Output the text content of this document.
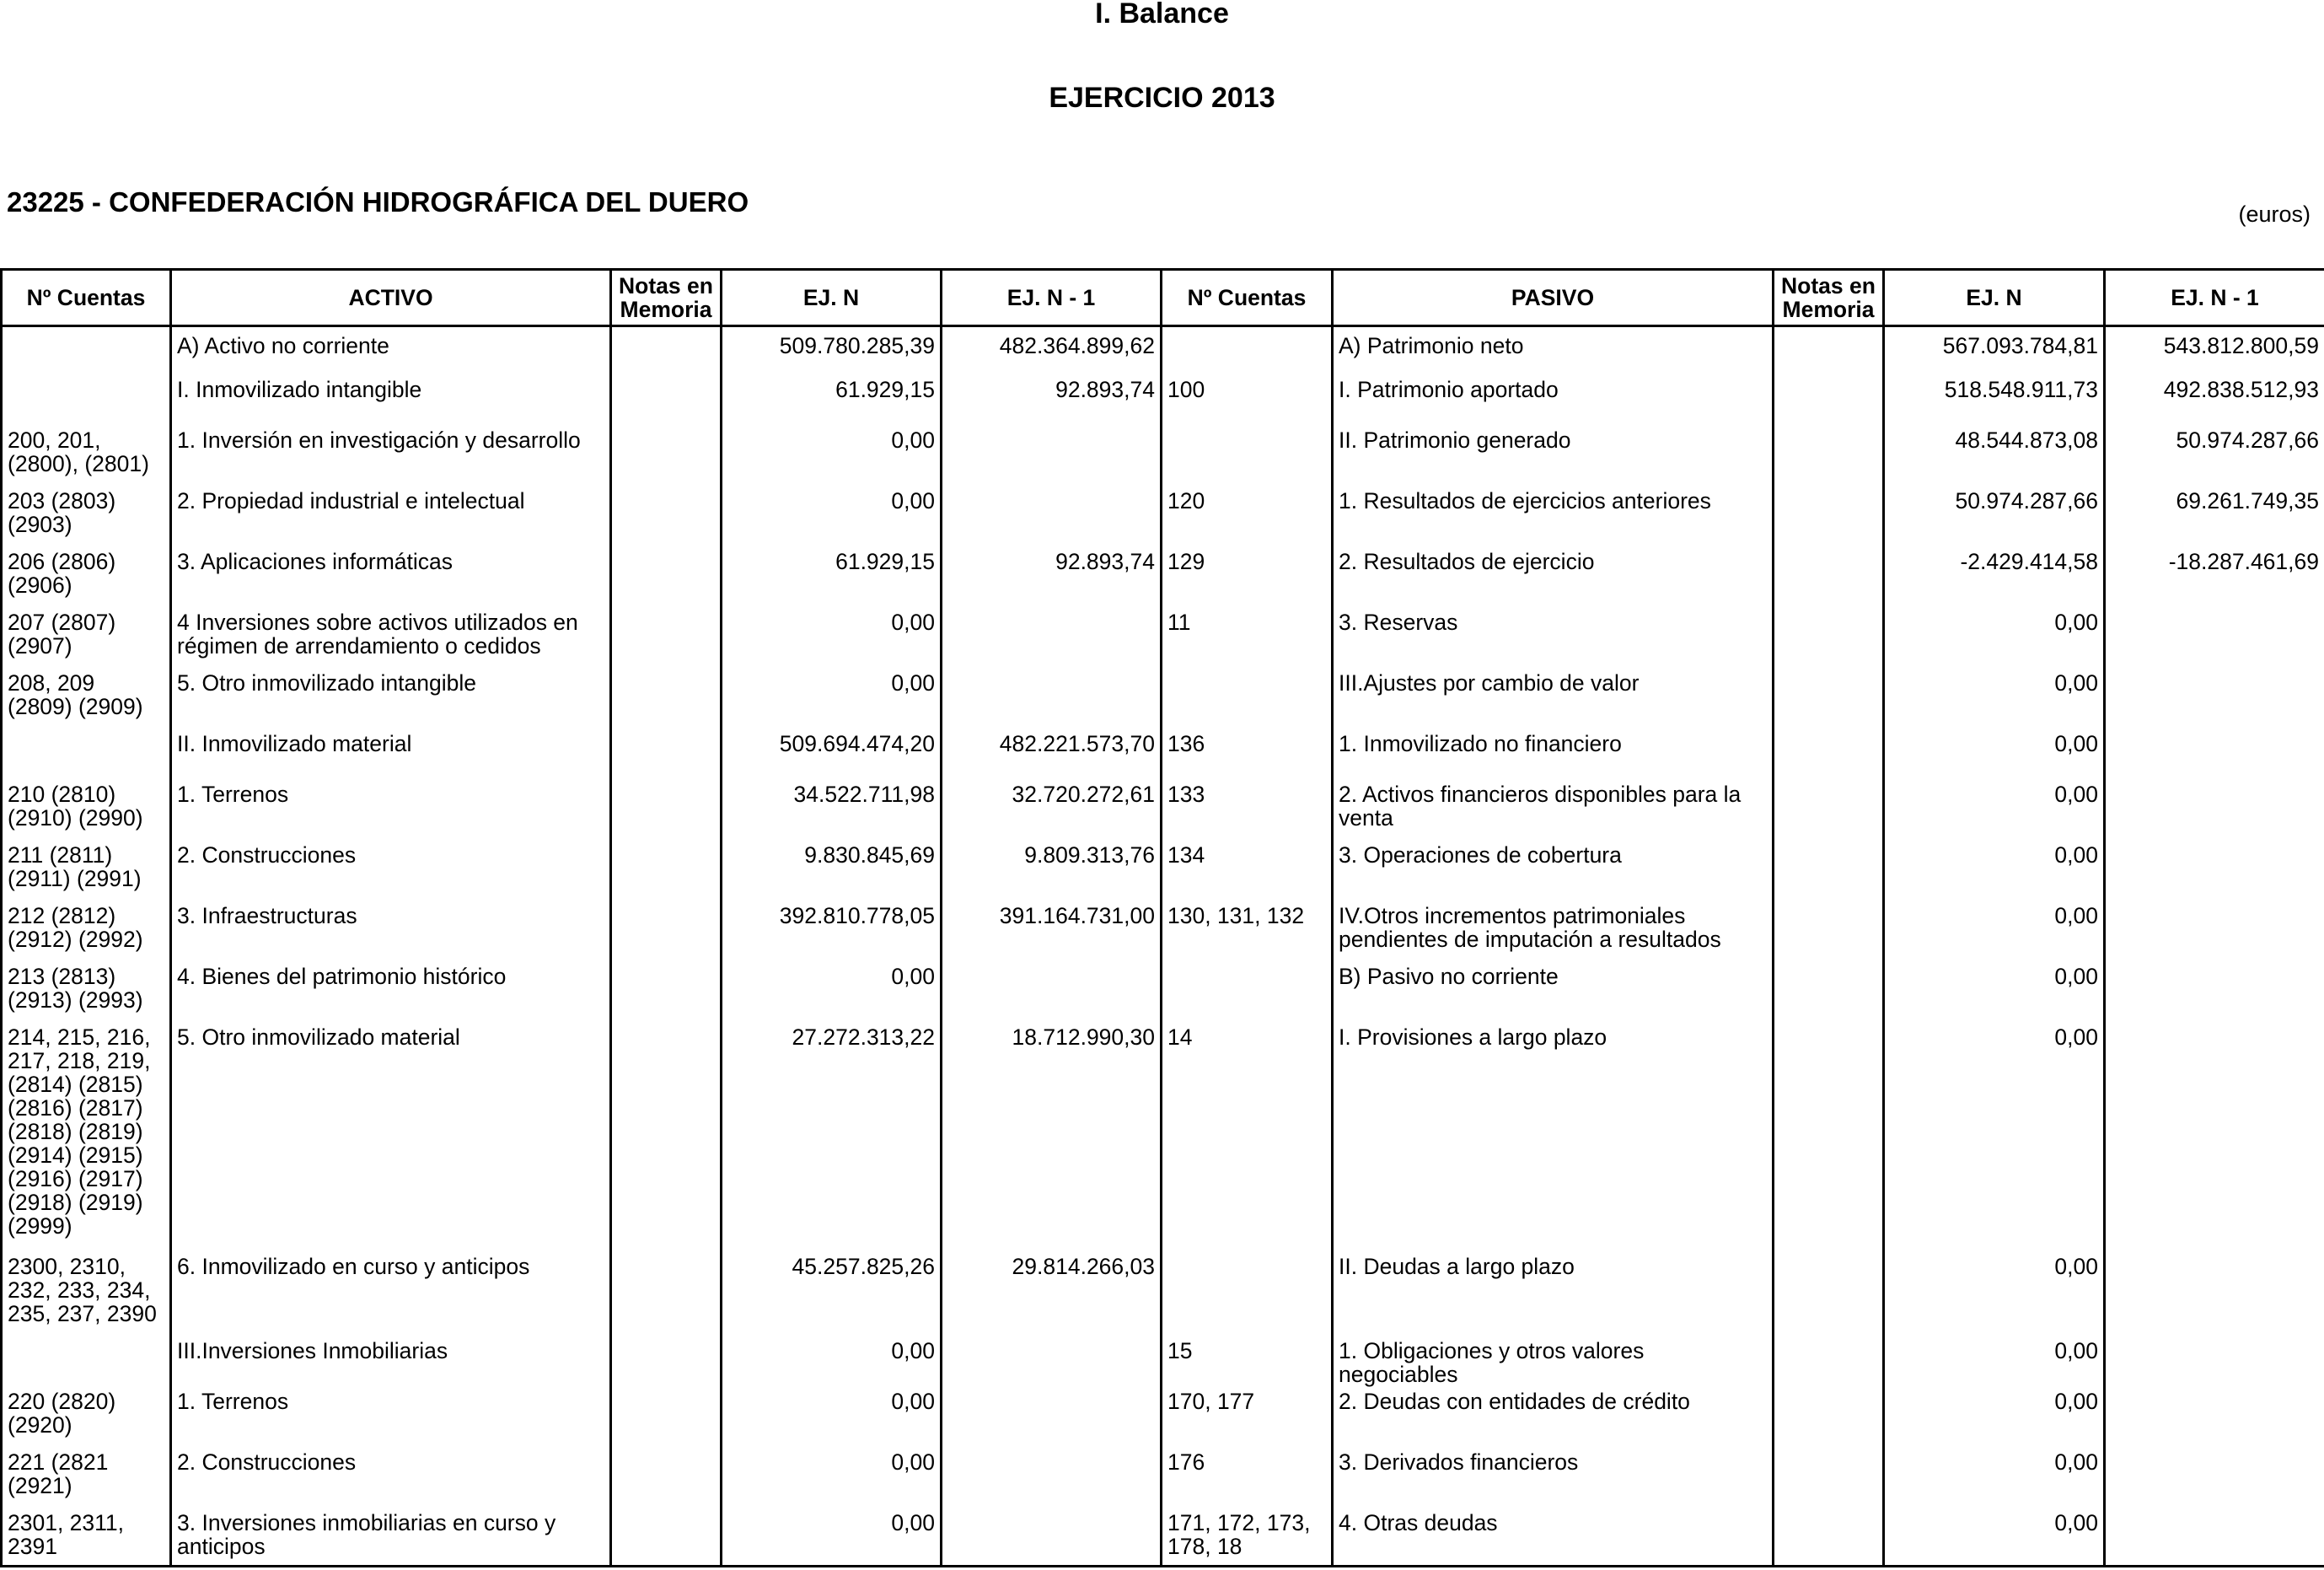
I. Balance
EJERCICIO 2013
23225 - CONFEDERACIÓN HIDROGRÁFICA DEL DUERO	(euros)
Nº Cuentas	ACTIVO	Notas en Memoria	EJ. N	EJ. N - 1	Nº Cuentas	PASIVO	Notas en Memoria	EJ. N	EJ. N - 1
	A) Activo no corriente		509.780.285,39	482.364.899,62		A) Patrimonio neto		567.093.784,81	543.812.800,59
	I. Inmovilizado intangible		61.929,15	92.893,74	100	I. Patrimonio aportado		518.548.911,73	492.838.512,93
200, 201, (2800), (2801)	1. Inversión en investigación y desarrollo		0,00			II. Patrimonio generado		48.544.873,08	50.974.287,66
203 (2803) (2903)	2. Propiedad industrial e intelectual		0,00		120	1. Resultados de ejercicios anteriores		50.974.287,66	69.261.749,35
206 (2806) (2906)	3. Aplicaciones informáticas		61.929,15	92.893,74	129	2. Resultados de ejercicio		-2.429.414,58	-18.287.461,69
207 (2807) (2907)	4 Inversiones sobre activos utilizados en régimen de arrendamiento o cedidos		0,00		11	3. Reservas		0,00	
208, 209 (2809) (2909)	5. Otro inmovilizado intangible		0,00			III.Ajustes por cambio de valor		0,00	
	II. Inmovilizado material		509.694.474,20	482.221.573,70	136	1. Inmovilizado no financiero		0,00	
210 (2810) (2910) (2990)	1. Terrenos		34.522.711,98	32.720.272,61	133	2. Activos financieros disponibles para la venta		0,00	
211 (2811) (2911) (2991)	2. Construcciones		9.830.845,69	9.809.313,76	134	3. Operaciones de cobertura		0,00	
212 (2812) (2912) (2992)	3. Infraestructuras		392.810.778,05	391.164.731,00	130, 131, 132	IV.Otros incrementos patrimoniales pendientes de imputación a resultados		0,00	
213 (2813) (2913) (2993)	4. Bienes del patrimonio histórico		0,00			B) Pasivo no corriente		0,00	
214, 215, 216, 217, 218, 219, (2814) (2815) (2816) (2817) (2818) (2819) (2914) (2915) (2916) (2917) (2918) (2919) (2999)	5. Otro inmovilizado material		27.272.313,22	18.712.990,30	14	I. Provisiones a largo plazo		0,00	
2300, 2310, 232, 233, 234, 235, 237, 2390	6. Inmovilizado en curso y anticipos		45.257.825,26	29.814.266,03		II. Deudas a largo plazo		0,00	
	III.Inversiones Inmobiliarias		0,00		15	1. Obligaciones y otros valores negociables		0,00	
220 (2820) (2920)	1. Terrenos		0,00		170, 177	2. Deudas con entidades de crédito		0,00	
221 (2821 (2921)	2. Construcciones		0,00		176	3. Derivados financieros		0,00	
2301, 2311, 2391	3. Inversiones inmobiliarias en curso y anticipos		0,00		171, 172, 173, 178, 18	4. Otras deudas		0,00	
